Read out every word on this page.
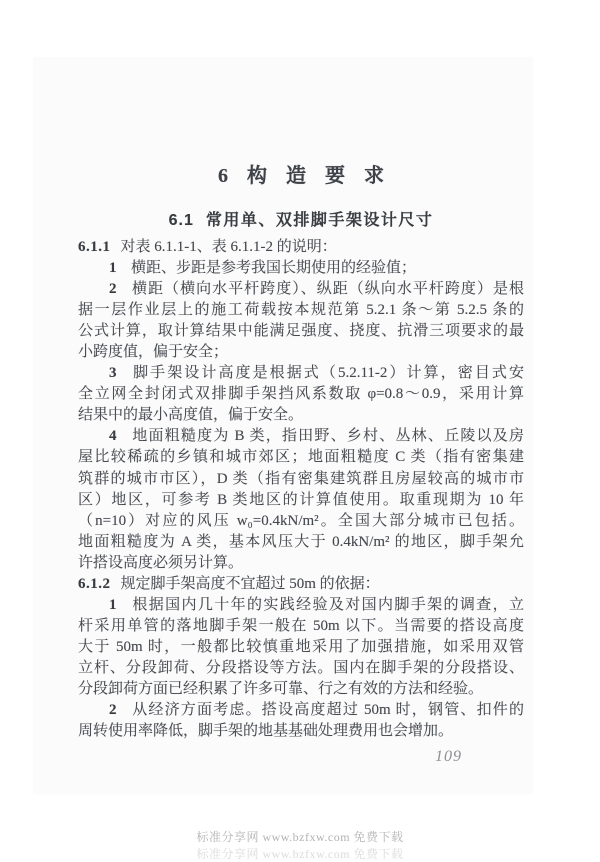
6 构造要求
6.1 常用单、双排脚手架设计尺寸
6.1.1 对表 6.1.1-1、表 6.1.1-2 的说明：
1 横距、步距是参考我国长期使用的经验值；
2 横距（横向水平杆跨度）、纵距（纵向水平杆跨度）是根
据一层作业层上的施工荷载按本规范第 5.2.1 条～第 5.2.5 条的
公式计算，取计算结果中能满足强度、挠度、抗滑三项要求的最
小跨度值，偏于安全；
3 脚手架设计高度是根据式（5.2.11-2）计算，密目式安
全立网全封闭式双排脚手架挡风系数取 φ=0.8～0.9，采用计算
结果中的最小高度值，偏于安全。
4 地面粗糙度为 B 类，指田野、乡村、丛林、丘陵以及房
屋比较稀疏的乡镇和城市郊区；地面粗糙度 C 类（指有密集建
筑群的城市市区），D 类（指有密集建筑群且房屋较高的城市市
区）地区，可参考 B 类地区的计算值使用。取重现期为 10 年
（n=10）对应的风压 w₀=0.4kN/m²。全国大部分城市已包括。
地面粗糙度为 A 类，基本风压大于 0.4kN/m² 的地区，脚手架允
许搭设高度必须另计算。
6.1.2 规定脚手架高度不宜超过 50m 的依据：
1 根据国内几十年的实践经验及对国内脚手架的调查，立
杆采用单管的落地脚手架一般在 50m 以下。当需要的搭设高度
大于 50m 时，一般都比较慎重地采用了加强措施，如采用双管
立杆、分段卸荷、分段搭设等方法。国内在脚手架的分段搭设、
分段卸荷方面已经积累了许多可靠、行之有效的方法和经验。
2 从经济方面考虑。搭设高度超过 50m 时，钢管、扣件的
周转使用率降低，脚手架的地基基础处理费用也会增加。
109
标准分享网 www.bzfxw.com 免费下载
标准分享网 www.bzfxw.com 免费下载
